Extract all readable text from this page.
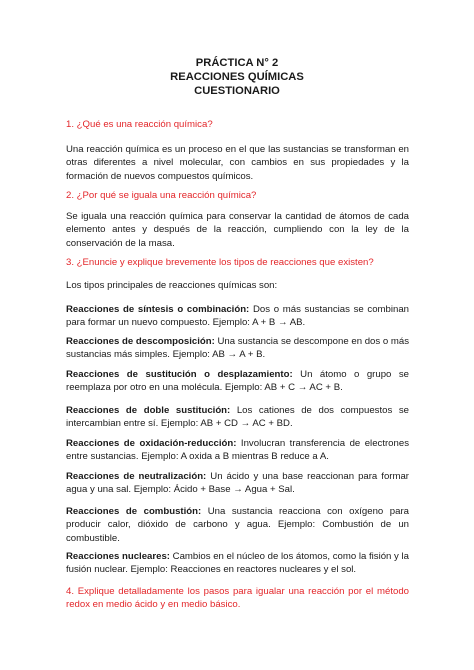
PRÁCTICA N° 2
REACCIONES QUÍMICAS
CUESTIONARIO
1. ¿Qué es una reacción química?
Una reacción química es un proceso en el que las sustancias se transforman en otras diferentes a nivel molecular, con cambios en sus propiedades y la formación de nuevos compuestos químicos.
2. ¿Por qué se iguala una reacción química?
Se iguala una reacción química para conservar la cantidad de átomos de cada elemento antes y después de la reacción, cumpliendo con la ley de la conservación de la masa.
3. ¿Enuncie y explique brevemente los tipos de reacciones que existen?
Los tipos principales de reacciones químicas son:
Reacciones de síntesis o combinación: Dos o más sustancias se combinan para formar un nuevo compuesto. Ejemplo: A + B → AB.
Reacciones de descomposición: Una sustancia se descompone en dos o más sustancias más simples. Ejemplo: AB → A + B.
Reacciones de sustitución o desplazamiento: Un átomo o grupo se reemplaza por otro en una molécula. Ejemplo: AB + C → AC + B.
Reacciones de doble sustitución: Los cationes de dos compuestos se intercambian entre sí. Ejemplo: AB + CD → AC + BD.
Reacciones de oxidación-reducción: Involucran transferencia de electrones entre sustancias. Ejemplo: A oxida a B mientras B reduce a A.
Reacciones de neutralización: Un ácido y una base reaccionan para formar agua y una sal. Ejemplo: Ácido + Base → Agua + Sal.
Reacciones de combustión: Una sustancia reacciona con oxígeno para producir calor, dióxido de carbono y agua. Ejemplo: Combustión de un combustible.
Reacciones nucleares: Cambios en el núcleo de los átomos, como la fisión y la fusión nuclear. Ejemplo: Reacciones en reactores nucleares y el sol.
4. Explique detalladamente los pasos para igualar una reacción por el método redox en medio ácido y en medio básico.
